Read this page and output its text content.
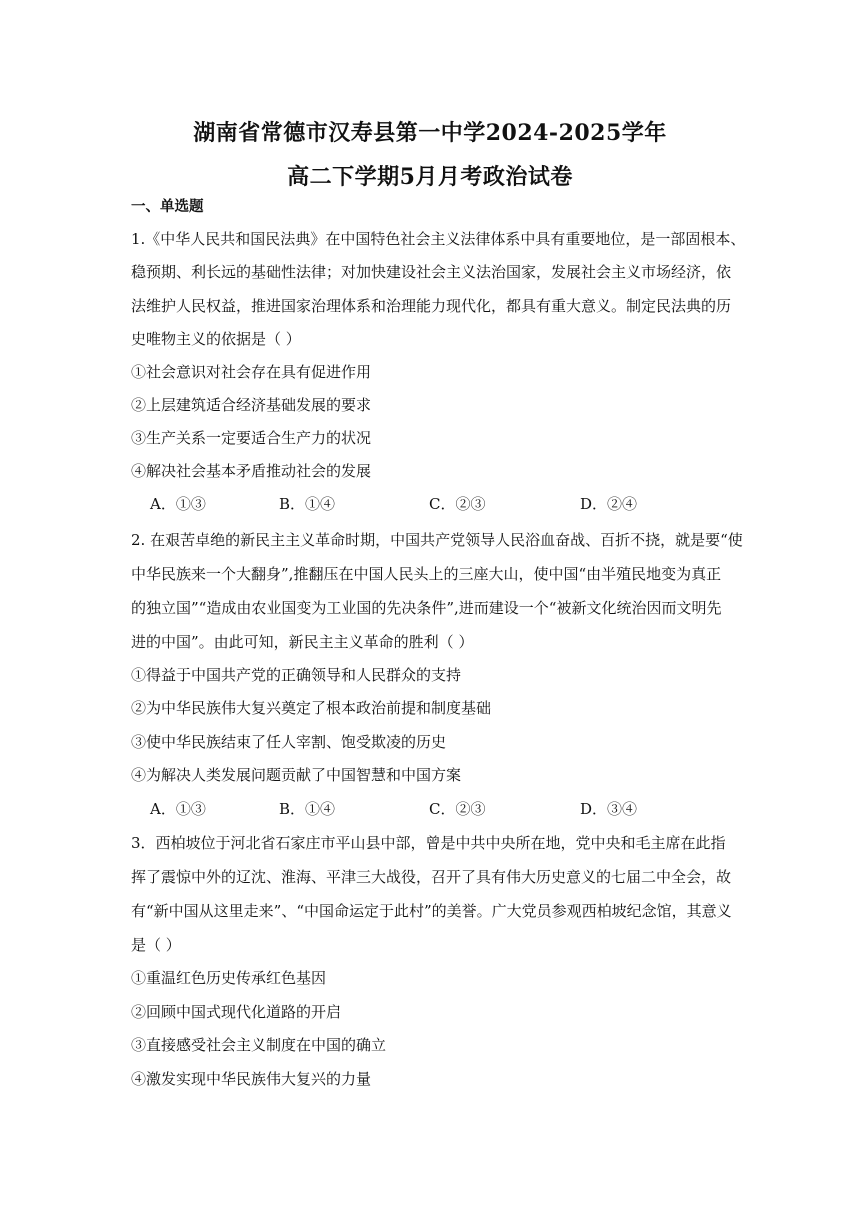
湖南省常德市汉寿县第一中学2024-2025学年
高二下学期5月月考政治试卷
一、单选题
1.《中华人民共和国民法典》在中国特色社会主义法律体系中具有重要地位，是一部固根本、
稳预期、利长远的基础性法律；对加快建设社会主义法治国家，发展社会主义市场经济，依
法维护人民权益，推进国家治理体系和治理能力现代化，都具有重大意义。制定民法典的历
史唯物主义的依据是（ ）
①社会意识对社会存在具有促进作用
②上层建筑适合经济基础发展的要求
③生产关系一定要适合生产力的状况
④解决社会基本矛盾推动社会的发展
A．①③	B．①④	C．②③	D．②④
2. 在艰苦卓绝的新民主主义革命时期，中国共产党领导人民浴血奋战、百折不挠，就是要“使
中华民族来一个大翻身”,推翻压在中国人民头上的三座大山，使中国“由半殖民地变为真正
的独立国”“造成由农业国变为工业国的先决条件”,进而建设一个“被新文化统治因而文明先
进的中国”。由此可知，新民主主义革命的胜利（ ）
①得益于中国共产党的正确领导和人民群众的支持
②为中华民族伟大复兴奠定了根本政治前提和制度基础
③使中华民族结束了任人宰割、饱受欺凌的历史
④为解决人类发展问题贡献了中国智慧和中国方案
A．①③	B．①④	C．②③	D．③④
3．西柏坡位于河北省石家庄市平山县中部，曾是中共中央所在地，党中央和毛主席在此指
挥了震惊中外的辽沈、淮海、平津三大战役，召开了具有伟大历史意义的七届二中全会，故
有“新中国从这里走来”、“中国命运定于此村”的美誉。广大党员参观西柏坡纪念馆，其意义
是（ ）
①重温红色历史传承红色基因
②回顾中国式现代化道路的开启
③直接感受社会主义制度在中国的确立
④激发实现中华民族伟大复兴的力量
